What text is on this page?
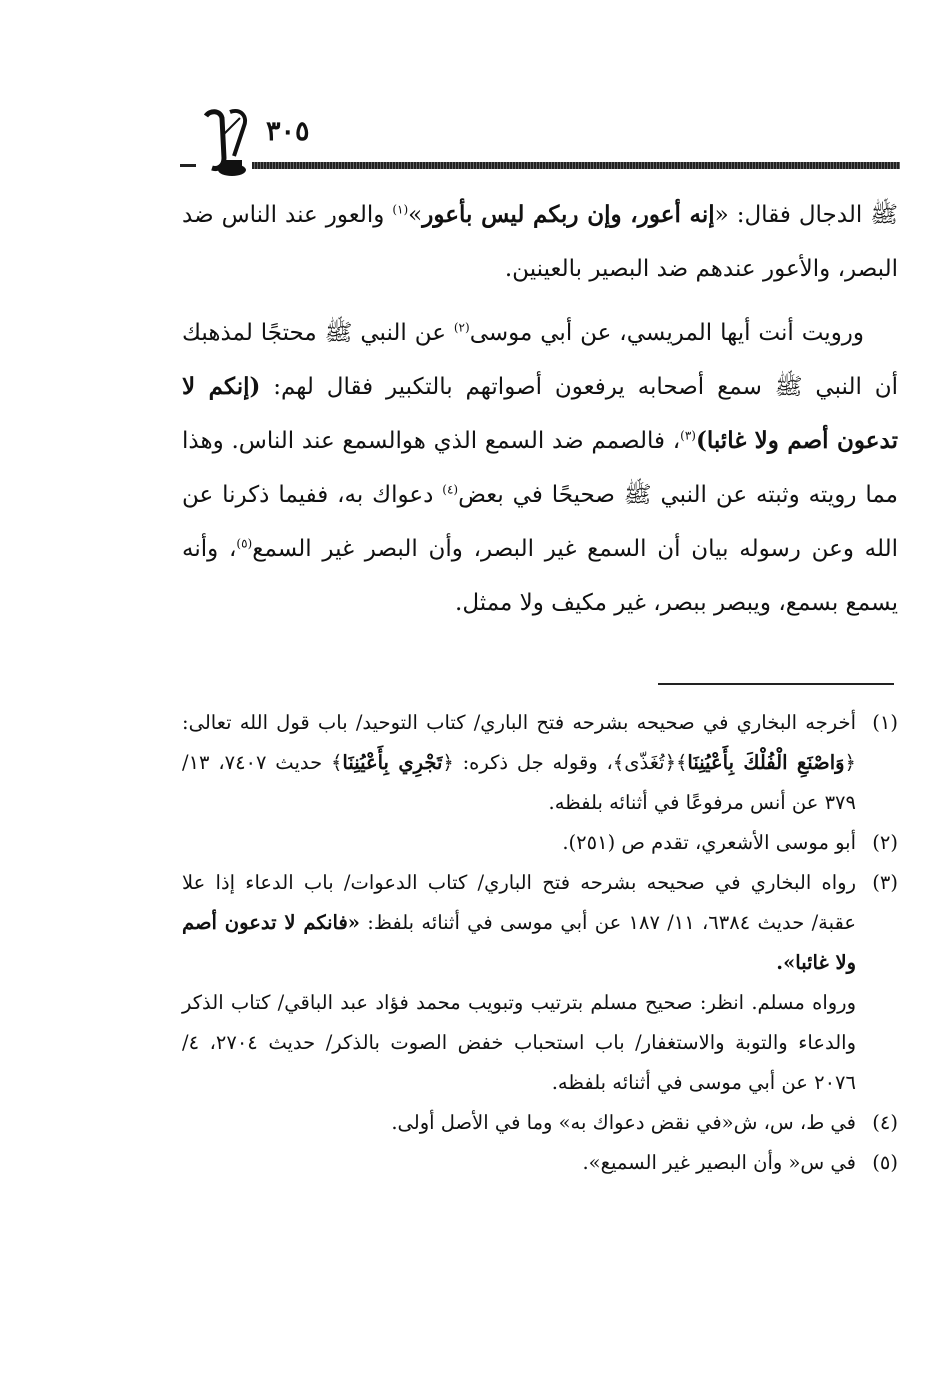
٣٠٥

ﷺ الدجال فقال: «إنه أعور، وإن ربكم ليس بأعور»$^{(١)}$ والعور عند الناس ضد البصر، والأعور عندهم ضد البصير بالعينين.

ورويت أنت أيها المريسي، عن أبي موسى$^{(٢)}$ عن النبي ﷺ محتجًا لمذهبك أن النبي ﷺ سمع أصحابه يرفعون أصواتهم بالتكبير فقال لهم: (إنكم لا تدعون أصم ولا غائبا)$^{(٣)}$، فالصمم ضد السمع الذي هوالسمع عند الناس. وهذا مما رويته وثبته عن النبي ﷺ صحيحًا في بعض$^{(٤)}$ دعواك به، ففيما ذكرنا عن الله وعن رسوله بيان أن السمع غير البصر، وأن البصر غير السمع$^{(٥)}$، وأنه يسمع بسمع، ويبصر ببصر، غير مكيف ولا ممثل.

(١)
أخرجه البخاري في صحيحه بشرحه فتح الباري/ كتاب التوحيد/ باب قول الله تعالى: ﴿وَاصْنَعِ الْفُلْكَ بِأَعْيُنِنَا﴾﴿تُغَذّى﴾، وقوله جل ذكره: ﴿تَجْرِي بِأَعْيُنِنَا﴾ حديث ٧٤٠٧، ١٣/ ٣٧٩ عن أنس مرفوعًا في أثنائه بلفظه.
(٢)
أبو موسى الأشعري، تقدم ص (٢٥١).
(٣)

رواه البخاري في صحيحه بشرحه فتح الباري/ كتاب الدعوات/ باب الدعاء إذا علا عقبة/ حديث ٦٣٨٤، ١١/ ١٨٧ عن أبي موسى في أثنائه بلفظ: «فانكم لا تدعون أصم ولا غائبا».

ورواه مسلم. انظر: صحيح مسلم بترتيب وتبويب محمد فؤاد عبد الباقي/ كتاب الذكر والدعاء والتوبة والاستغفار/ باب استحباب خفض الصوت بالذكر/ حديث ٢٧٠٤، ٤/ ٢٠٧٦ عن أبي موسى في أثنائه بلفظه.

(٤)
في ط، س، ش«في نقض دعواك به» وما في الأصل أولى.
(٥)
في س« وأن البصير غير السميع».
